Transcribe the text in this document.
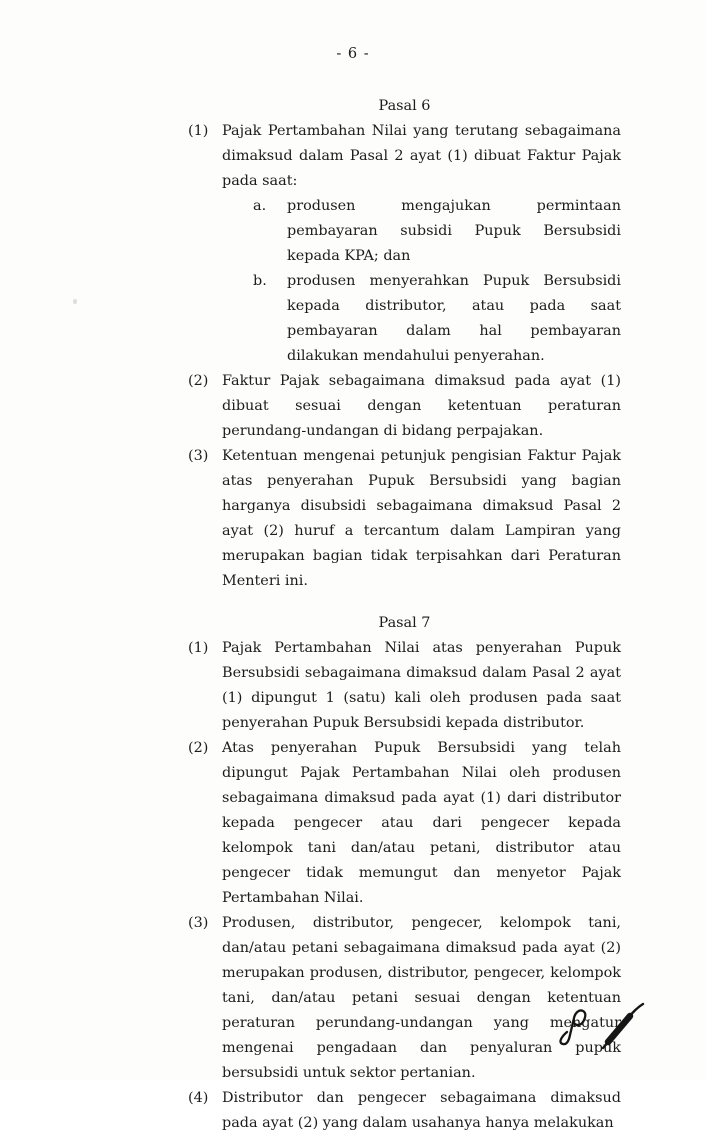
- 6 -
Pasal 6
(1) Pajak Pertambahan Nilai yang terutang sebagaimana dimaksud dalam Pasal 2 ayat (1) dibuat Faktur Pajak pada saat:
a.	produsen mengajukan permintaan pembayaran subsidi Pupuk Bersubsidi kepada KPA; dan
b.	produsen menyerahkan Pupuk Bersubsidi kepada distributor, atau pada saat pembayaran dalam hal pembayaran dilakukan mendahului penyerahan.
(2) Faktur Pajak sebagaimana dimaksud pada ayat (1) dibuat sesuai dengan ketentuan peraturan perundang-undangan di bidang perpajakan.
(3) Ketentuan mengenai petunjuk pengisian Faktur Pajak atas penyerahan Pupuk Bersubsidi yang bagian harganya disubsidi sebagaimana dimaksud Pasal 2 ayat (2) huruf a tercantum dalam Lampiran yang merupakan bagian tidak terpisahkan dari Peraturan Menteri ini.
Pasal 7
(1) Pajak Pertambahan Nilai atas penyerahan Pupuk Bersubsidi sebagaimana dimaksud dalam Pasal 2 ayat (1) dipungut 1 (satu) kali oleh produsen pada saat penyerahan Pupuk Bersubsidi kepada distributor.
(2) Atas penyerahan Pupuk Bersubsidi yang telah dipungut Pajak Pertambahan Nilai oleh produsen sebagaimana dimaksud pada ayat (1) dari distributor kepada pengecer atau dari pengecer kepada kelompok tani dan/atau petani, distributor atau pengecer tidak memungut dan menyetor Pajak Pertambahan Nilai.
(3) Produsen, distributor, pengecer, kelompok tani, dan/atau petani sebagaimana dimaksud pada ayat (2) merupakan produsen, distributor, pengecer, kelompok tani, dan/atau petani sesuai dengan ketentuan peraturan perundang-undangan yang mengatur mengenai pengadaan dan penyaluran pupuk bersubsidi untuk sektor pertanian.
(4) Distributor dan pengecer sebagaimana dimaksud pada ayat (2) yang dalam usahanya hanya melakukan
